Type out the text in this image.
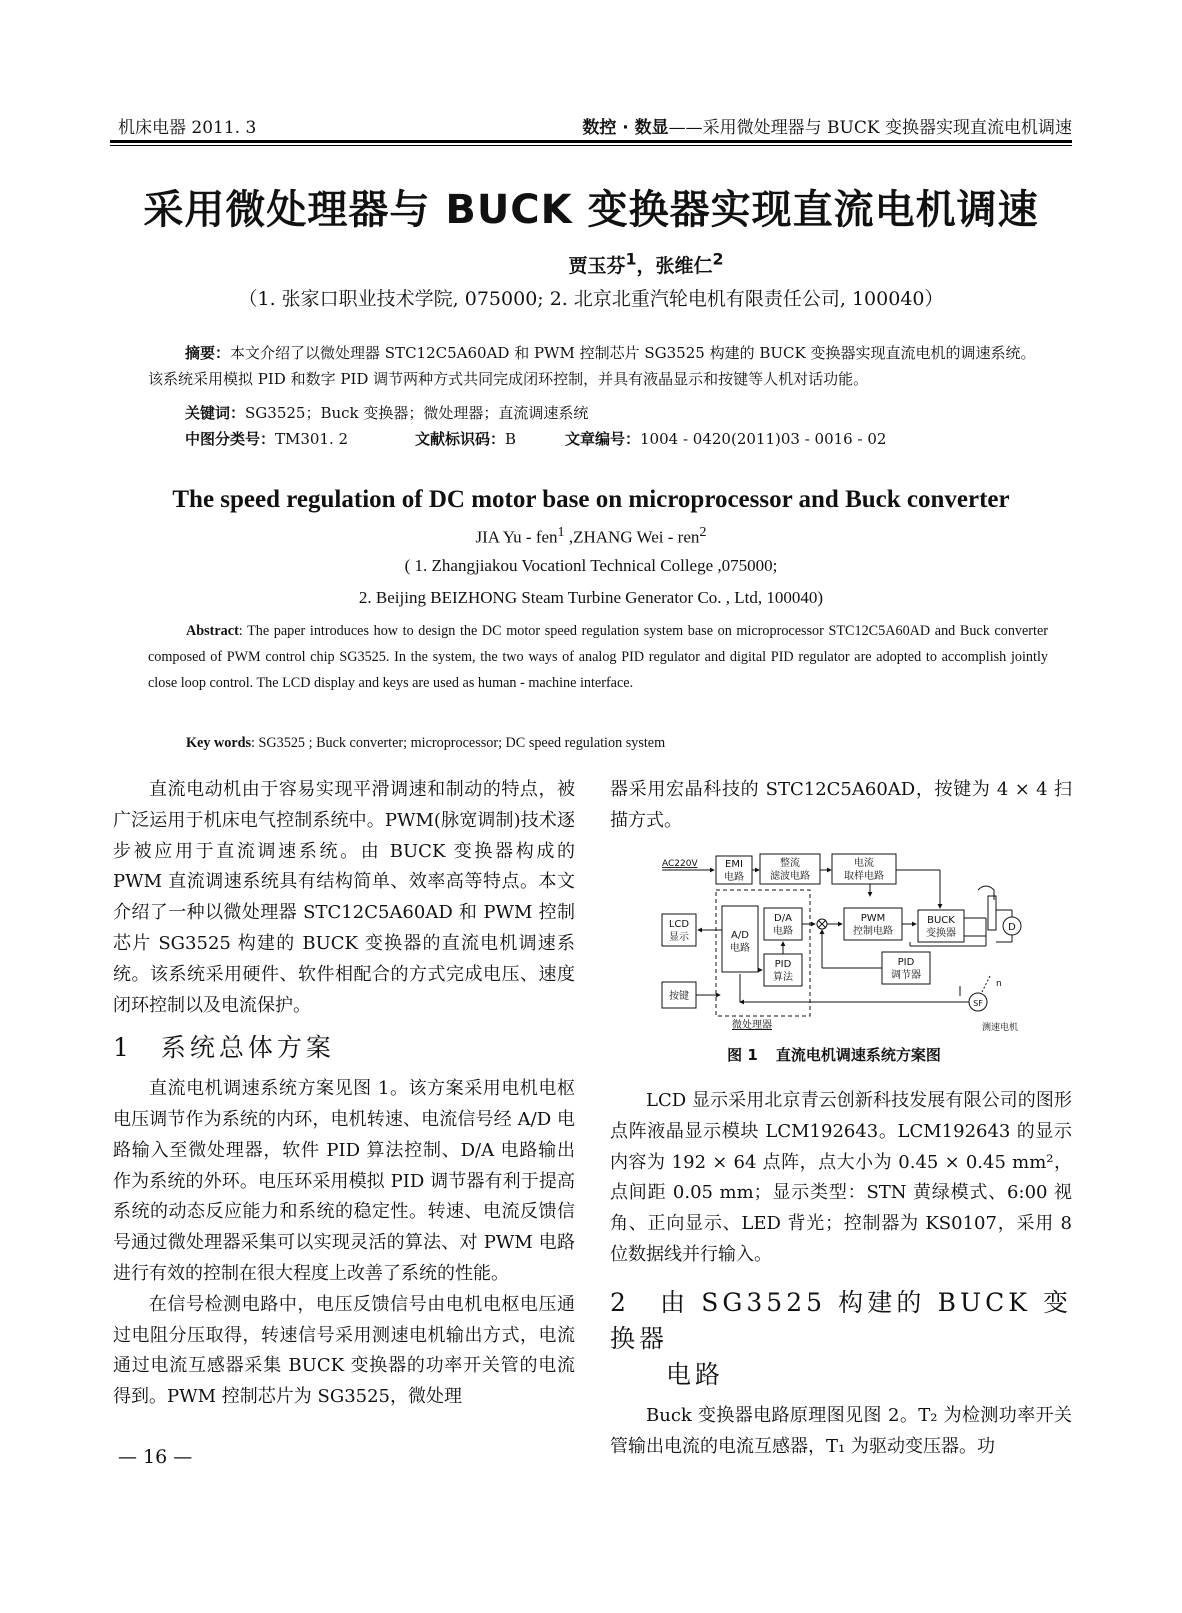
机床电器 2011. 3	数控 · 数显——采用微处理器与 BUCK 变换器实现直流电机调速
采用微处理器与 BUCK 变换器实现直流电机调速
贾玉芬$^1$，张维仁$^2$
（1. 张家口职业技术学院, 075000; 2. 北京北重汽轮电机有限责任公司, 100040）
摘要：本文介绍了以微处理器 STC12C5A60AD 和 PWM 控制芯片 SG3525 构建的 BUCK 变换器实现直流电机的调速系统。该系统采用模拟 PID 和数字 PID 调节两种方式共同完成闭环控制，并具有液晶显示和按键等人机对话功能。
关键词：SG3525；Buck 变换器；微处理器；直流调速系统
中图分类号：TM301. 2	文献标识码：B	文章编号：1004 - 0420(2011)03 - 0016 - 02
The speed regulation of DC motor base on microprocessor and Buck converter
JIA Yu - fen$^1$ ,ZHANG Wei - ren$^2$
( 1. Zhangjiakou Vocationl Technical College ,075000;
2. Beijing BEIZHONG Steam Turbine Generator Co. , Ltd, 100040)
Abstract: The paper introduces how to design the DC motor speed regulation system base on microprocessor STC12C5A60AD and Buck converter composed of PWM control chip SG3525. In the system, the two ways of analog PID regulator and digital PID regulator are adopted to accomplish jointly close loop control. The LCD display and keys are used as human - machine interface.
Key words: SG3525 ; Buck converter; microprocessor; DC speed regulation system

直流电动机由于容易实现平滑调速和制动的特点，被广泛运用于机床电气控制系统中。PWM(脉宽调制)技术逐步被应用于直流调速系统。由 BUCK 变换器构成的 PWM 直流调速系统具有结构简单、效率高等特点。本文介绍了一种以微处理器 STC12C5A60AD 和 PWM 控制芯片 SG3525 构建的 BUCK 变换器的直流电机调速系统。该系统采用硬件、软件相配合的方式完成电压、速度闭环控制以及电流保护。

1 系统总体方案

直流电机调速系统方案见图 1。该方案采用电机电枢电压调节作为系统的内环，电机转速、电流信号经 A/D 电路输入至微处理器，软件 PID 算法控制、D/A 电路输出作为系统的外环。电压环采用模拟 PID 调节器有利于提高系统的动态反应能力和系统的稳定性。转速、电流反馈信号通过微处理器采集可以实现灵活的算法、对 PWM 电路进行有效的控制在很大程度上改善了系统的性能。

在信号检测电路中，电压反馈信号由电机电枢电压通过电阻分压取得，转速信号采用测速电机输出方式，电流通过电流互感器采集 BUCK 变换器的功率开关管的电流得到。PWM 控制芯片为 SG3525，微处理

器采用宏晶科技的 STC12C5A60AD，按键为 4 × 4 扫描方式。

AC220V	EMI
电路
整流
滤波电路
电流
取样电路
微处理器
LCD
显示	A/D
电路
D/A
电路
PID
算法
PWM
控制电路
BUCK
变换器
D
PID
调节器
SF
n
按键
测速电机
图 1 直流电机调速系统方案图

LCD 显示采用北京青云创新科技发展有限公司的图形点阵液晶显示模块 LCM192643。LCM192643 的显示内容为 192 × 64 点阵，点大小为 0.45 × 0.45 mm²，点间距 0.05 mm；显示类型：STN 黄绿模式、6:00 视角、正向显示、LED 背光；控制器为 KS0107，采用 8 位数据线并行输入。

2 由 SG3525 构建的 BUCK 变换器
电路

Buck 变换器电路原理图见图 2。T₂ 为检测功率开关管输出电流的电流互感器，T₁ 为驱动变压器。功

— 16 —
